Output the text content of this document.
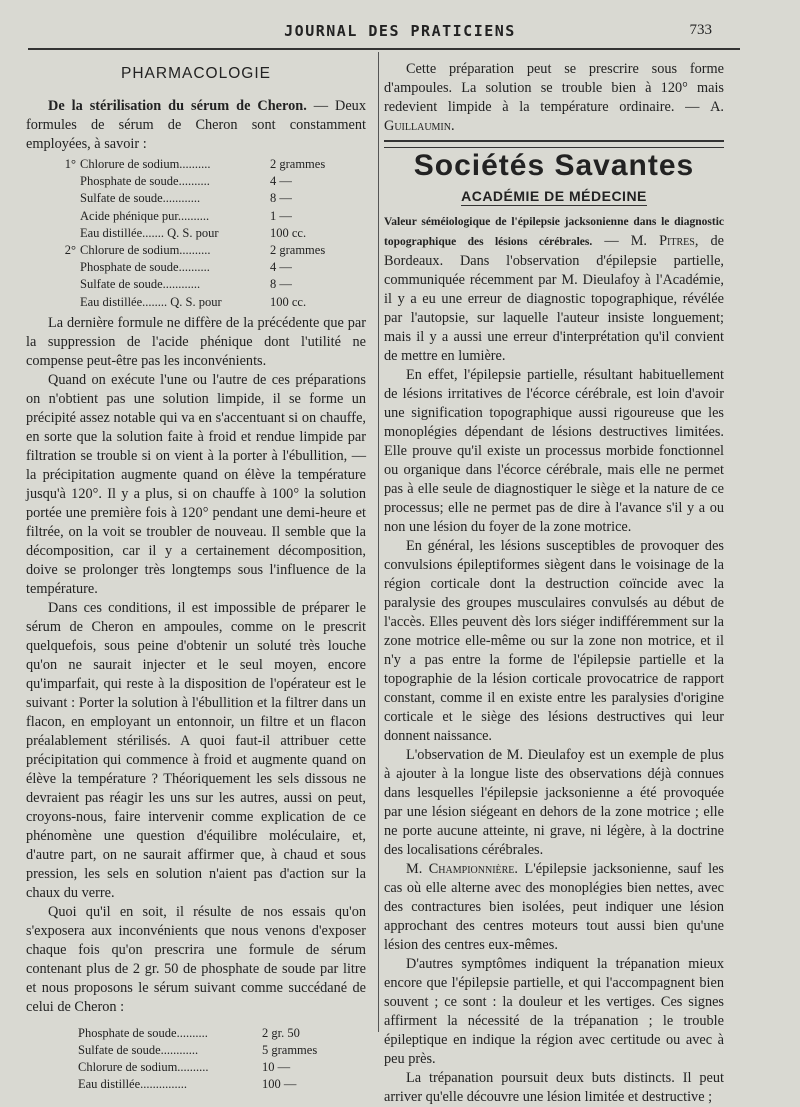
JOURNAL DES PRATICIENS	733
PHARMACOLOGIE

De la stérilisation du sérum de Cheron. — Deux formules de sérum de Cheron sont constamment employées, à savoir :

1° Chlorure de sodium..........	2 grammes
Phosphate de soude..........	4 —
Sulfate de soude............	8 —
Acide phénique pur..........	1 —
Eau distillée....... Q. S. pour	100 cc.
2° Chlorure de sodium..........	2 grammes
Phosphate de soude..........	4 —
Sulfate de soude............	8 —
Eau distillée........ Q. S. pour	100 cc.

La dernière formule ne diffère de la précédente que par la suppression de l'acide phénique dont l'utilité ne compense peut-être pas les inconvénients.

Quand on exécute l'une ou l'autre de ces préparations on n'obtient pas une solution limpide, il se forme un précipité assez notable qui va en s'accentuant si on chauffe, en sorte que la solution faite à froid et rendue limpide par filtration se trouble si on vient à la porter à l'ébullition, — la précipitation augmente quand on élève la température jusqu'à 120°. Il y a plus, si on chauffe à 100° la solution portée une première fois à 120° pendant une demi-heure et filtrée, on la voit se troubler de nouveau. Il semble que la décomposition, car il y a certainement décomposition, doive se prolonger très longtemps sous l'influence de la température.

Dans ces conditions, il est impossible de préparer le sérum de Cheron en ampoules, comme on le prescrit quelquefois, sous peine d'obtenir un soluté très louche qu'on ne saurait injecter et le seul moyen, encore qu'imparfait, qui reste à la disposition de l'opérateur est le suivant : Porter la solution à l'ébullition et la filtrer dans un flacon, en employant un entonnoir, un filtre et un flacon préalablement stérilisés. A quoi faut-il attribuer cette précipitation qui commence à froid et augmente quand on élève la température ? Théoriquement les sels dissous ne devraient pas réagir les uns sur les autres, aussi on peut, croyons-nous, faire intervenir comme explication de ce phénomène une question d'équilibre moléculaire, et, d'autre part, on ne saurait affirmer que, à chaud et sous pression, les sels en solution n'aient pas d'action sur la chaux du verre.

Quoi qu'il en soit, il résulte de nos essais qu'on s'exposera aux inconvénients que nous venons d'exposer chaque fois qu'on prescrira une formule de sérum contenant plus de 2 gr. 50 de phosphate de soude par litre et nous proposons le sérum suivant comme succédané de celui de Cheron :

Phosphate de soude..........	2 gr. 50
Sulfate de soude............	5 grammes
Chlorure de sodium..........	10 —
Eau distillée...............	100 —

Cette préparation peut se prescrire sous forme d'ampoules. La solution se trouble bien à 120° mais redevient limpide à la température ordinaire. — A. Guillaumin.

Sociétés Savantes
ACADÉMIE DE MÉDECINE

Valeur séméiologique de l'épilepsie jacksonienne dans le diagnostic topographique des lésions cérébrales. — M. Pitres, de Bordeaux. Dans l'observation d'épilepsie partielle, communiquée récemment par M. Dieulafoy à l'Académie, il y a eu une erreur de diagnostic topographique, révélée par l'autopsie, sur laquelle l'auteur insiste longuement; mais il y a aussi une erreur d'interprétation qu'il convient de mettre en lumière.

En effet, l'épilepsie partielle, résultant habituellement de lésions irritatives de l'écorce cérébrale, est loin d'avoir une signification topographique aussi rigoureuse que les monoplégies dépendant de lésions destructives limitées. Elle prouve qu'il existe un processus morbide fonctionnel ou organique dans l'écorce cérébrale, mais elle ne permet pas à elle seule de diagnostiquer le siège et la nature de ce processus; elle ne permet pas de dire à l'avance s'il y a ou non une lésion du foyer de la zone motrice.

En général, les lésions susceptibles de provoquer des convulsions épileptiformes siègent dans le voisinage de la région corticale dont la destruction coïncide avec la paralysie des groupes musculaires convulsés au début de l'accès. Elles peuvent dès lors siéger indifféremment sur la zone motrice elle-même ou sur la zone non motrice, et il n'y a pas entre la forme de l'épilepsie partielle et la topographie de la lésion corticale provocatrice de rapport constant, comme il en existe entre les paralysies d'origine corticale et le siège des lésions destructives qui leur donnent naissance.

L'observation de M. Dieulafoy est un exemple de plus à ajouter à la longue liste des observations déjà connues dans lesquelles l'épilepsie jacksonienne a été provoquée par une lésion siégeant en dehors de la zone motrice ; elle ne porte aucune atteinte, ni grave, ni légère, à la doctrine des localisations cérébrales.

M. Championnière. L'épilepsie jacksonienne, sauf les cas où elle alterne avec des monoplégies bien nettes, avec des contractures bien isolées, peut indiquer une lésion approchant des centres moteurs tout aussi bien qu'une lésion des centres eux-mêmes.

D'autres symptômes indiquent la trépanation mieux encore que l'épilepsie partielle, et qui l'accompagnent bien souvent ; ce sont : la douleur et les vertiges. Ces signes affirment la nécessité de la trépanation ; le trouble épileptique en indique la région avec certitude ou avec à peu près.

La trépanation poursuit deux buts distincts. Il peut arriver qu'elle découvre une lésion limitée et destructive ;
